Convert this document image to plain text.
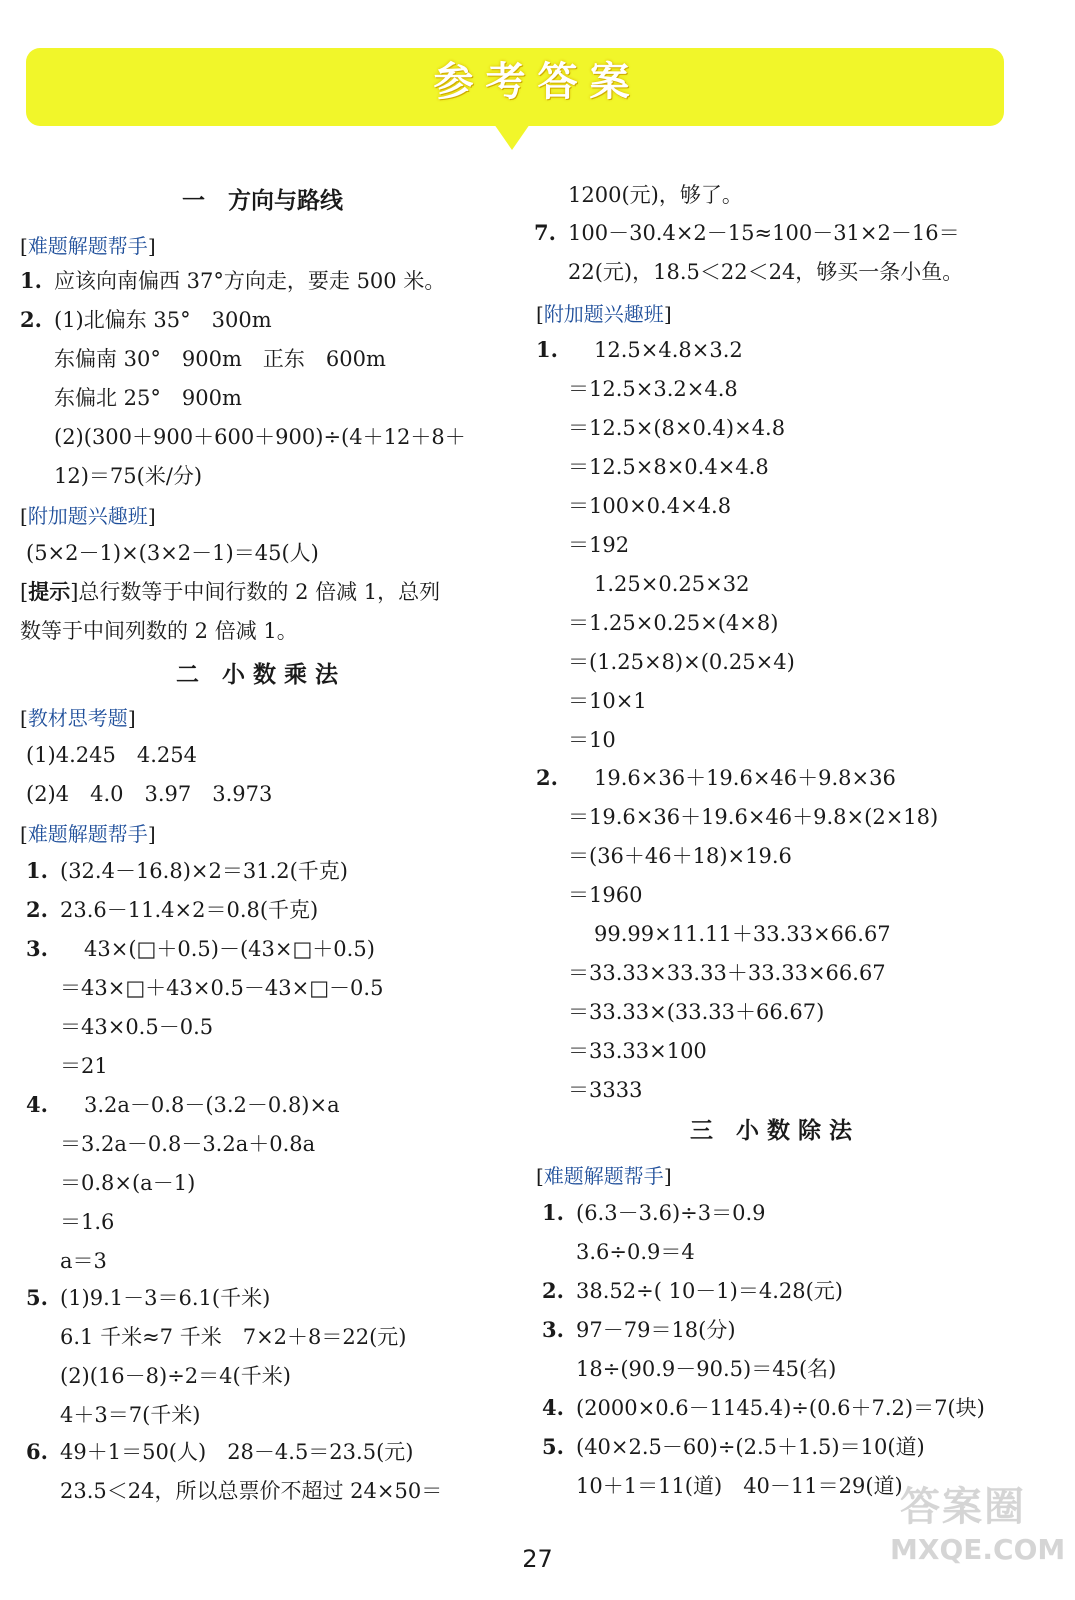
参考答案
一　方向与路线
[难题解题帮手]
1. 应该向南偏西 37°方向走，要走 500 米。
2. (1)北偏东 35°　300m
东偏南 30°　900m　正东　600m
东偏北 25°　900m
(2)(300＋900＋600＋900)÷(4＋12＋8＋
12)＝75(米/分)
[附加题兴趣班]
(5×2－1)×(3×2－1)＝45(人)
[提示]总行数等于中间行数的 2 倍减 1，总列
数等于中间列数的 2 倍减 1。
二　小 数 乘 法
[教材思考题]
(1)4.245　4.254
(2)4　4.0　3.97　3.973
[难题解题帮手]
1. (32.4－16.8)×2＝31.2(千克)
2. 23.6－11.4×2＝0.8(千克)
3. 43×(□＋0.5)－(43×□＋0.5)
＝43×□＋43×0.5－43×□－0.5
＝43×0.5－0.5
＝21
4. 3.2a－0.8－(3.2－0.8)×a
＝3.2a－0.8－3.2a＋0.8a
＝0.8×(a－1)
＝1.6
a＝3
5. (1)9.1－3＝6.1(千米)
6.1 千米≈7 千米　7×2＋8＝22(元)
(2)(16－8)÷2＝4(千米)
4＋3＝7(千米)
6. 49＋1＝50(人)　28－4.5＝23.5(元)
23.5＜24，所以总票价不超过 24×50＝
1200(元)，够了。
7. 100－30.4×2－15≈100－31×2－16＝
22(元)，18.5＜22＜24，够买一条小鱼。
[附加题兴趣班]
1. 12.5×4.8×3.2
＝12.5×3.2×4.8
＝12.5×(8×0.4)×4.8
＝12.5×8×0.4×4.8
＝100×0.4×4.8
＝192
1.25×0.25×32
＝1.25×0.25×(4×8)
＝(1.25×8)×(0.25×4)
＝10×1
＝10
2. 19.6×36＋19.6×46＋9.8×36
＝19.6×36＋19.6×46＋9.8×(2×18)
＝(36＋46＋18)×19.6
＝1960
99.99×11.11＋33.33×66.67
＝33.33×33.33＋33.33×66.67
＝33.33×(33.33＋66.67)
＝33.33×100
＝3333
三　小 数 除 法
[难题解题帮手]
1. (6.3－3.6)÷3＝0.9
3.6÷0.9＝4
2. 38.52÷( 10－1)＝4.28(元)
3. 97－79＝18(分)
18÷(90.9－90.5)＝45(名)
4. (2000×0.6－1145.4)÷(0.6＋7.2)＝7(块)
5. (40×2.5－60)÷(2.5＋1.5)＝10(道)
10＋1＝11(道)　40－11＝29(道)
27
答案圈
MXQE.COM
